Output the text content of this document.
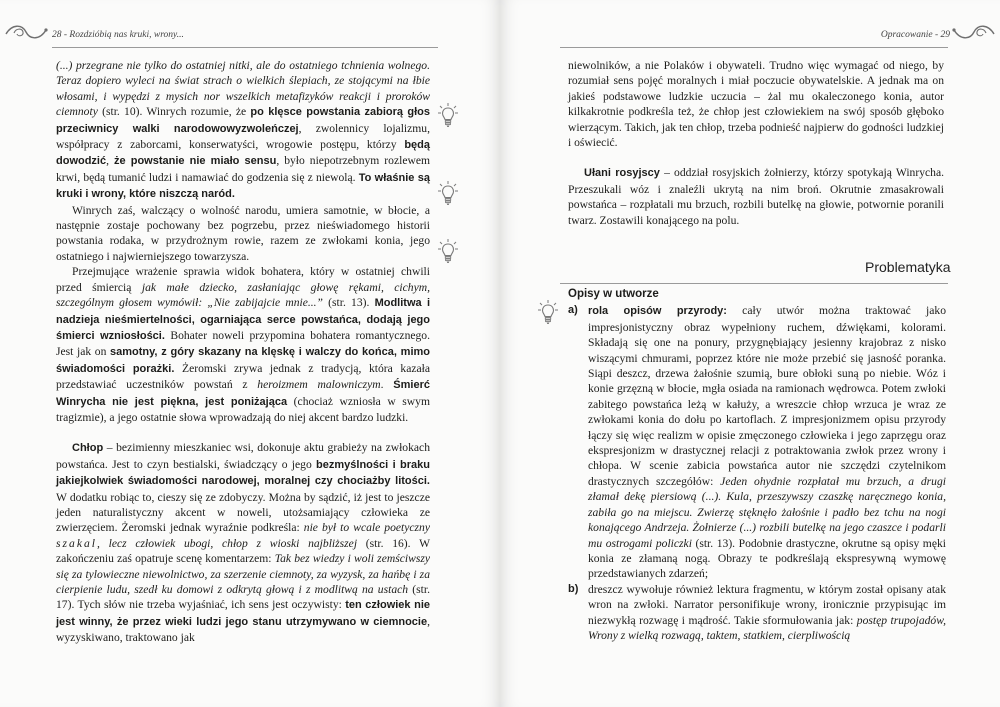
28 - Rozdzióbią nas kruki, wrony...

(...) przegrane nie tylko do ostatniej nitki, ale do ostatniego tchnienia wolnego. Teraz dopiero wyleci na świat strach o wielkich ślepiach, ze stojącymi na łbie włosami, i wypędzi z mysich nor wszelkich metafizyków reakcji i proroków ciemnoty (str. 10). Winrych rozumie, że po klęsce powstania zabiorą głos przeciwnicy walki narodowowyzwoleńczej, zwolennicy lojalizmu, współpracy z zaborcami, konserwatyści, wrogowie postępu, którzy będą dowodzić, że powstanie nie miało sensu, było niepotrzebnym rozlewem krwi, będą tumanić ludzi i namawiać do godzenia się z niewolą. To właśnie są kruki i wrony, które niszczą naród.

Winrych zaś, walczący o wolność narodu, umiera samotnie, w błocie, a następnie zostaje pochowany bez pogrzebu, przez nieświadomego historii powstania rodaka, w przydrożnym rowie, razem ze zwłokami konia, jego ostatniego i najwierniejszego towarzysza.

Przejmujące wrażenie sprawia widok bohatera, który w ostatniej chwili przed śmiercią jak małe dziecko, zasłaniając głowę rękami, cichym, szczególnym głosem wymówił: „Nie zabijajcie mnie...” (str. 13). Modlitwa i nadzieja nieśmiertelności, ogarniająca serce powstańca, dodają jego śmierci wzniosłości. Bohater noweli przypomina bohatera romantycznego. Jest jak on samotny, z góry skazany na klęskę i walczy do końca, mimo świadomości porażki. Żeromski zrywa jednak z tradycją, która kazała przedstawiać uczestników powstań z heroizmem malowniczym. Śmierć Winrycha nie jest piękna, jest poniżająca (chociaż wzniosła w swym tragizmie), a jego ostatnie słowa wprowadzają do niej akcent bardzo ludzki.

Chłop – bezimienny mieszkaniec wsi, dokonuje aktu grabieży na zwłokach powstańca. Jest to czyn bestialski, świadczący o jego bezmyślności i braku jakiejkolwiek świadomości narodowej, moralnej czy chociażby litości. W dodatku robiąc to, cieszy się ze zdobyczy. Można by sądzić, iż jest to jeszcze jeden naturalistyczny akcent w noweli, utożsamiający człowieka ze zwierzęciem. Żeromski jednak wyraźnie podkreśla: nie był to wcale poetyczny szakal, lecz człowiek ubogi, chłop z wioski najbliższej (str. 16). W zakończeniu zaś opatruje scenę komentarzem: Tak bez wiedzy i woli zemściwszy się za tylowieczne niewolnictwo, za szerzenie ciemnoty, za wyzysk, za hańbę i za cierpienie ludu, szedł ku domowi z odkrytą głową i z modlitwą na ustach (str. 17). Tych słów nie trzeba wyjaśniać, ich sens jest oczywisty: ten człowiek nie jest winny, że przez wieki ludzi jego stanu utrzymywano w ciemnocie, wyzyskiwano, traktowano jak

Opracowanie - 29

niewolników, a nie Polaków i obywateli. Trudno więc wymagać od niego, by rozumiał sens pojęć moralnych i miał poczucie obywatelskie. A jednak ma on jakieś podstawowe ludzkie uczucia – żal mu okaleczonego konia, autor kilkakrotnie podkreśla też, że chłop jest człowiekiem na swój sposób głęboko wierzącym. Takich, jak ten chłop, trzeba podnieść najpierw do godności ludzkiej i oświecić.

Ułani rosyjscy – oddział rosyjskich żołnierzy, którzy spotykają Winrycha. Przeszukali wóz i znaleźli ukrytą na nim broń. Okrutnie zmasakrowali powstańca – rozpłatali mu brzuch, rozbili butelkę na głowie, potwornie poranili twarz. Zostawili konającego na polu.

Problematyka
Opisy w utworze
a) rola opisów przyrody: cały utwór można traktować jako impresjonistyczny obraz wypełniony ruchem, dźwiękami, kolorami. Składają się one na ponury, przygnębiający jesienny krajobraz z nisko wiszącymi chmurami, poprzez które nie może przebić się jasność poranka. Siąpi deszcz, drzewa żałośnie szumią, bure obłoki suną po niebie. Wóz i konie grzęzną w błocie, mgła osiada na ramionach wędrowca. Potem zwłoki zabitego powstańca leżą w kałuży, a wreszcie chłop wrzuca je wraz ze zwłokami konia do dołu po kartoflach. Z impresjonizmem opisu przyrody łączy się więc realizm w opisie zmęczonego człowieka i jego zaprzęgu oraz ekspresjonizm w drastycznej relacji z potraktowania zwłok przez wrony i chłopa. W scenie zabicia powstańca autor nie szczędzi czytelnikom drastycznych szczegółów: Jeden ohydnie rozpłatał mu brzuch, a drugi złamał dekę piersiową (...). Kula, przeszywszy czaszkę naręcznego konia, zabiła go na miejscu. Zwierzę stęknęło żałośnie i padło bez tchu na nogi konającego Andrzeja. Żołnierze (...) rozbili butelkę na jego czaszce i podarli mu ostrogami policzki (str. 13). Podobnie drastyczne, okrutne są opisy męki konia ze złamaną nogą. Obrazy te podkreślają ekspresywną wymowę przedstawianych zdarzeń;
b) dreszcz wywołuje również lektura fragmentu, w którym został opisany atak wron na zwłoki. Narrator personifikuje wrony, ironicznie przypisując im niezwykłą rozwagę i mądrość. Takie sformułowania jak: postęp trupojadów, Wrony z wielką rozwagą, taktem, statkiem, cierpliwością
